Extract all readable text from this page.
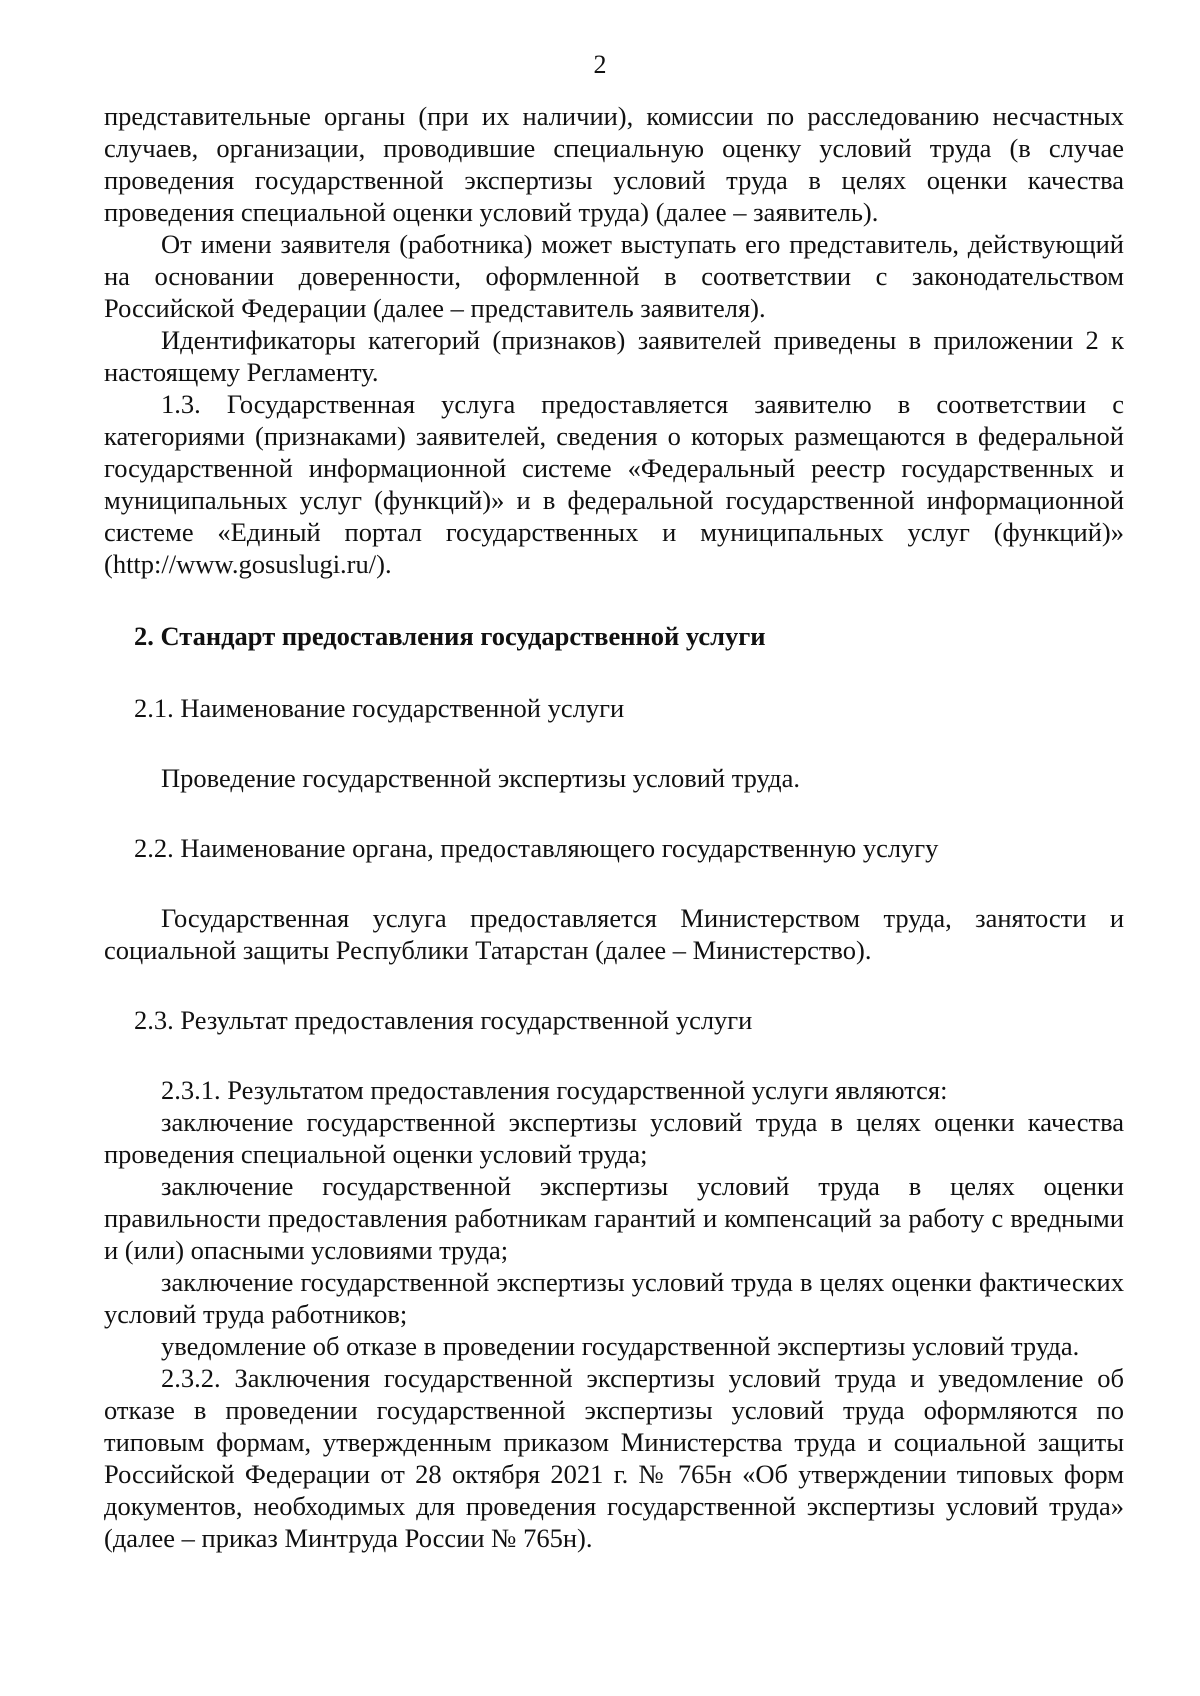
2

представительные органы (при их наличии), комиссии по расследованию несчастных случаев, организации, проводившие специальную оценку условий труда (в случае проведения государственной экспертизы условий труда в целях оценки качества проведения специальной оценки условий труда) (далее – заявитель).

От имени заявителя (работника) может выступать его представитель, действующий на основании доверенности, оформленной в соответствии с законодательством Российской Федерации (далее – представитель заявителя).

Идентификаторы категорий (признаков) заявителей приведены в приложении 2 к настоящему Регламенту.

1.3. Государственная услуга предоставляется заявителю в соответствии с категориями (признаками) заявителей, сведения о которых размещаются в федеральной государственной информационной системе «Федеральный реестр государственных и муниципальных услуг (функций)» и в федеральной государственной информационной системе «Единый портал государственных и муниципальных услуг (функций)» (http://www.gosuslugi.ru/).

2. Стандарт предоставления государственной услуги

2.1. Наименование государственной услуги

Проведение государственной экспертизы условий труда.

2.2. Наименование органа, предоставляющего государственную услугу

Государственная услуга предоставляется Министерством труда, занятости и социальной защиты Республики Татарстан (далее – Министерство).

2.3. Результат предоставления государственной услуги

2.3.1. Результатом предоставления государственной услуги являются:

заключение государственной экспертизы условий труда в целях оценки качества проведения специальной оценки условий труда;

заключение государственной экспертизы условий труда в целях оценки правильности предоставления работникам гарантий и компенсаций за работу с вредными и (или) опасными условиями труда;

заключение государственной экспертизы условий труда в целях оценки фактических условий труда работников;

уведомление об отказе в проведении государственной экспертизы условий труда.

2.3.2. Заключения государственной экспертизы условий труда и уведомление об отказе в проведении государственной экспертизы условий труда оформляются по типовым формам, утвержденным приказом Министерства труда и социальной защиты Российской Федерации от 28 октября 2021 г. № 765н «Об утверждении типовых форм документов, необходимых для проведения государственной экспертизы условий труда» (далее – приказ Минтруда России № 765н).
